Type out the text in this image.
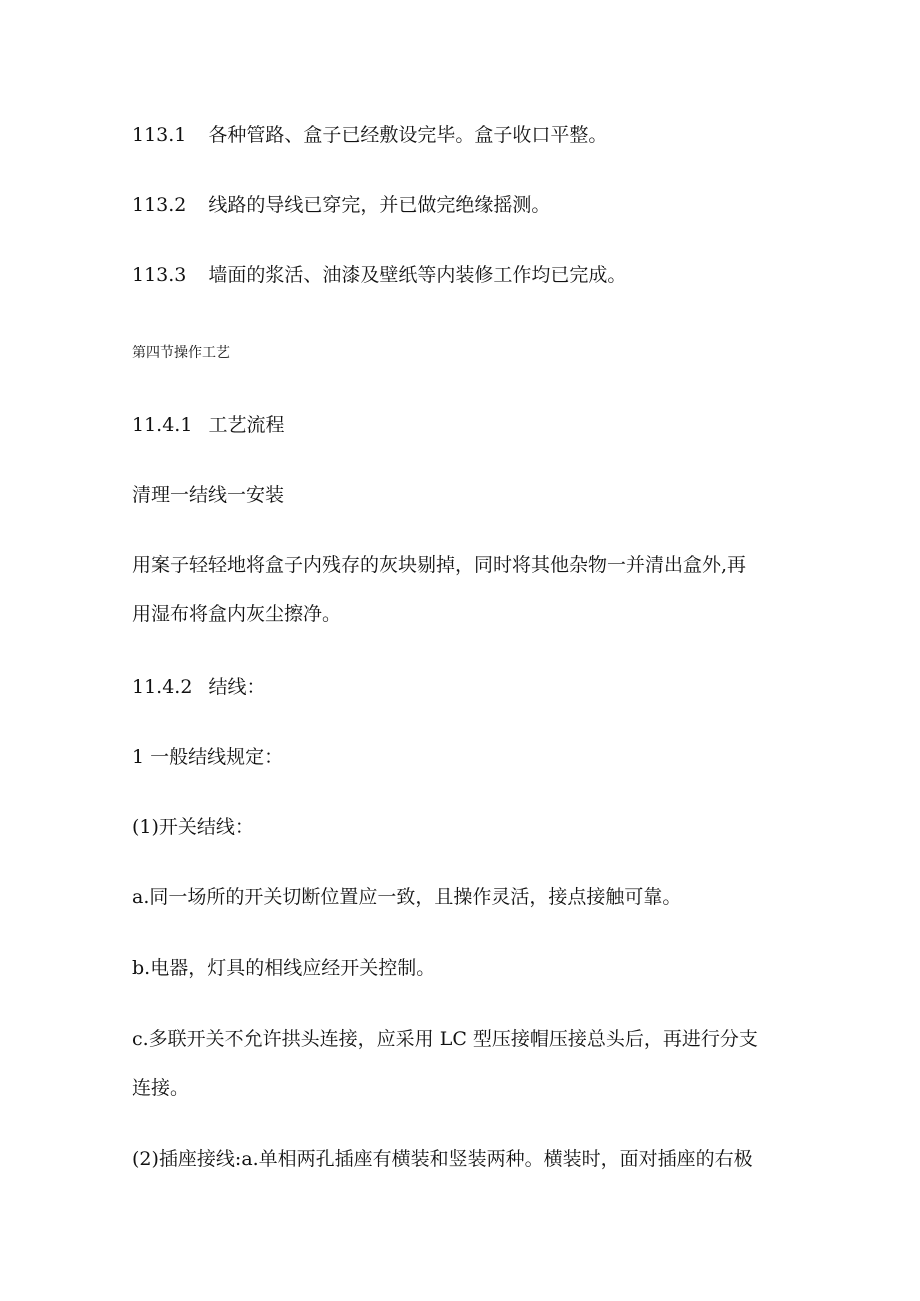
113.1 各种管路、盒子已经敷设完毕。盒子收口平整。
113.2 线路的导线已穿完，并已做完绝缘摇测。
113.3 墙面的浆活、油漆及壁纸等内装修工作均已完成。
第四节操作工艺
11.4.1 工艺流程
清理一结线一安装
用案子轻轻地将盒子内残存的灰块剔掉，同时将其他杂物一并清出盒外,再
用湿布将盒内灰尘擦净。
11.4.2 结线：
1 一般结线规定：
(1)开关结线：
a.同一场所的开关切断位置应一致，且操作灵活，接点接触可靠。
b.电器，灯具的相线应经开关控制。
c.多联开关不允许拱头连接，应采用 LC 型压接帽压接总头后，再进行分支
连接。
(2)插座接线:a.单相两孔插座有横装和竖装两种。横装时，面对插座的右极
